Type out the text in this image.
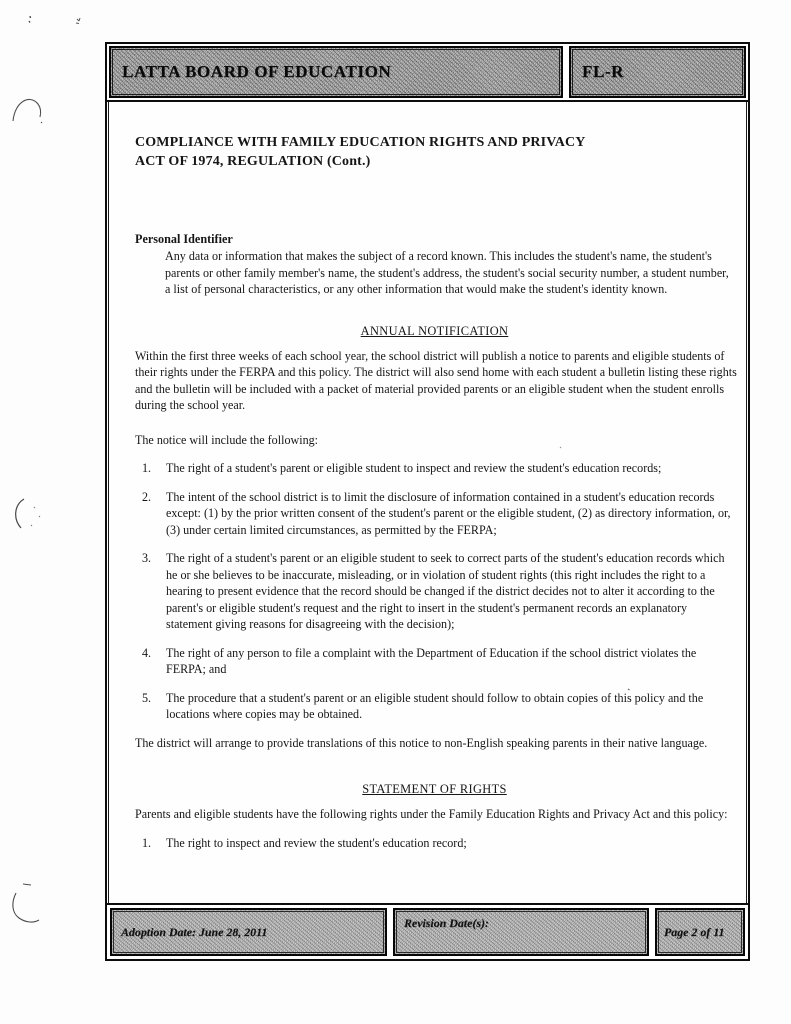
LATTA BOARD OF EDUCATION	FL-R
COMPLIANCE WITH FAMILY EDUCATION RIGHTS AND PRIVACY
ACT OF 1974, REGULATION (Cont.)
Personal Identifier
Any data or information that makes the subject of a record known. This includes the student's name, the student's parents or other family member's name, the student's address, the student's social security number, a student number, a list of personal characteristics, or any other information that would make the student's identity known.
ANNUAL NOTIFICATION

Within the first three weeks of each school year, the school district will publish a notice to parents and eligible students of their rights under the FERPA and this policy. The district will also send home with each student a bulletin listing these rights and the bulletin will be included with a packet of material provided parents or an eligible student when the student enrolls during the school year.

The notice will include the following:

1.	The right of a student's parent or eligible student to inspect and review the student's education records;
2.	The intent of the school district is to limit the disclosure of information contained in a student's education records except: (1) by the prior written consent of the student's parent or the eligible student, (2) as directory information, or, (3) under certain limited circumstances, as permitted by the FERPA;
3.	The right of a student's parent or an eligible student to seek to correct parts of the student's education records which he or she believes to be inaccurate, misleading, or in violation of student rights (this right includes the right to a hearing to present evidence that the record should be changed if the district decides not to alter it according to the parent's or eligible student's request and the right to insert in the student's permanent records an explanatory statement giving reasons for disagreeing with the decision);
4.	The right of any person to file a complaint with the Department of Education if the school district violates the FERPA; and
5.	The procedure that a student's parent or an eligible student should follow to obtain copies of this policy and the locations where copies may be obtained.

The district will arrange to provide translations of this notice to non-English speaking parents in their native language.

STATEMENT OF RIGHTS

Parents and eligible students have the following rights under the Family Education Rights and Privacy Act and this policy:

1.	The right to inspect and review the student's education record;
Adoption Date: June 28, 2011
Revision Date(s):
Page 2 of 11
